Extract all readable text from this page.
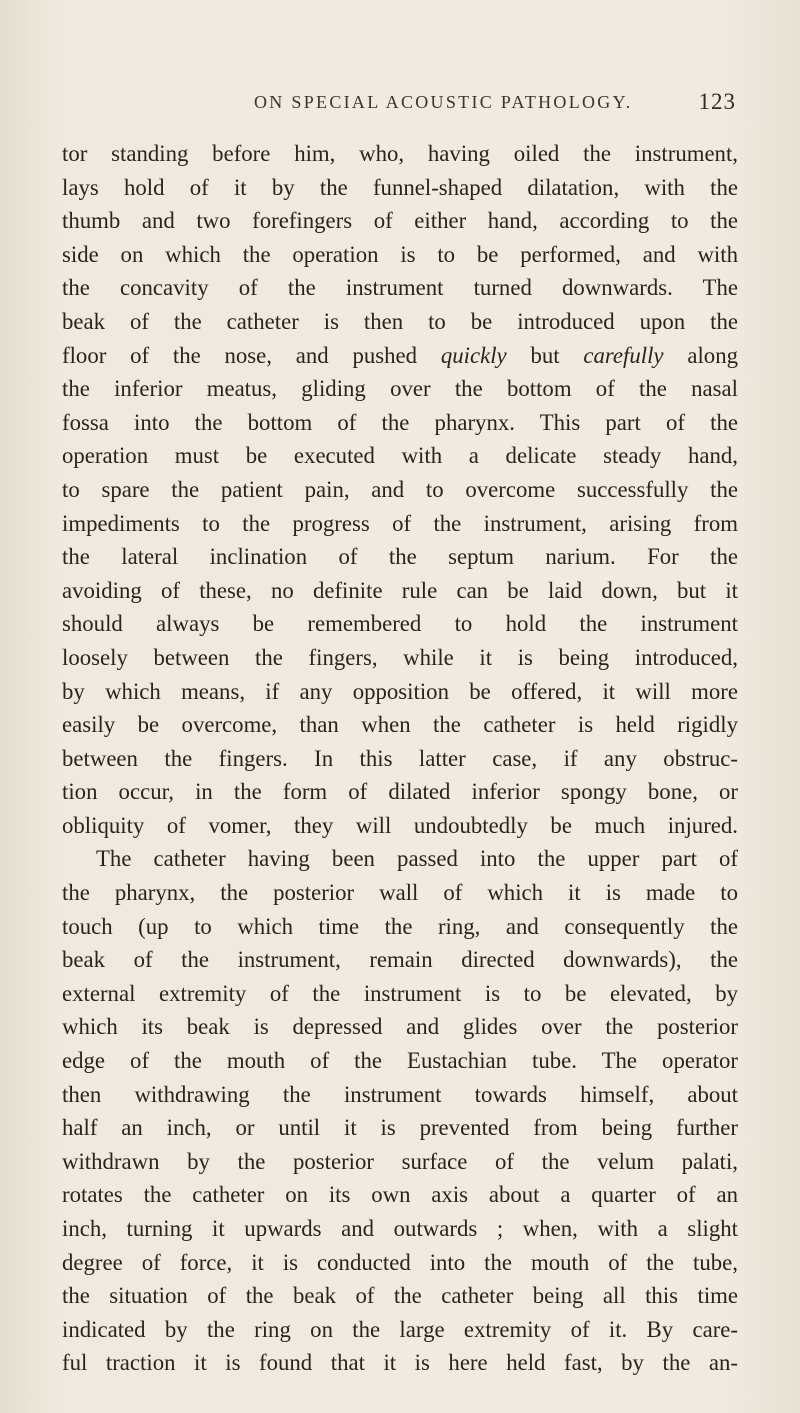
ON SPECIAL ACOUSTIC PATHOLOGY.	123
tor standing before him, who, having oiled the instrument,
lays hold of it by the funnel-shaped dilatation, with the
thumb and two forefingers of either hand, according to the
side on which the operation is to be performed, and with
the concavity of the instrument turned downwards. The
beak of the catheter is then to be introduced upon the
floor of the nose, and pushed quickly but carefully along
the inferior meatus, gliding over the bottom of the nasal
fossa into the bottom of the pharynx. This part of the
operation must be executed with a delicate steady hand,
to spare the patient pain, and to overcome successfully the
impediments to the progress of the instrument, arising from
the lateral inclination of the septum narium. For the
avoiding of these, no definite rule can be laid down, but it
should always be remembered to hold the instrument
loosely between the fingers, while it is being introduced,
by which means, if any opposition be offered, it will more
easily be overcome, than when the catheter is held rigidly
between the fingers. In this latter case, if any obstruc-
tion occur, in the form of dilated inferior spongy bone, or
obliquity of vomer, they will undoubtedly be much injured.
The catheter having been passed into the upper part of
the pharynx, the posterior wall of which it is made to
touch (up to which time the ring, and consequently the
beak of the instrument, remain directed downwards), the
external extremity of the instrument is to be elevated, by
which its beak is depressed and glides over the posterior
edge of the mouth of the Eustachian tube. The operator
then withdrawing the instrument towards himself, about
half an inch, or until it is prevented from being further
withdrawn by the posterior surface of the velum palati,
rotates the catheter on its own axis about a quarter of an
inch, turning it upwards and outwards ; when, with a slight
degree of force, it is conducted into the mouth of the tube,
the situation of the beak of the catheter being all this time
indicated by the ring on the large extremity of it. By care-
ful traction it is found that it is here held fast, by the an-
